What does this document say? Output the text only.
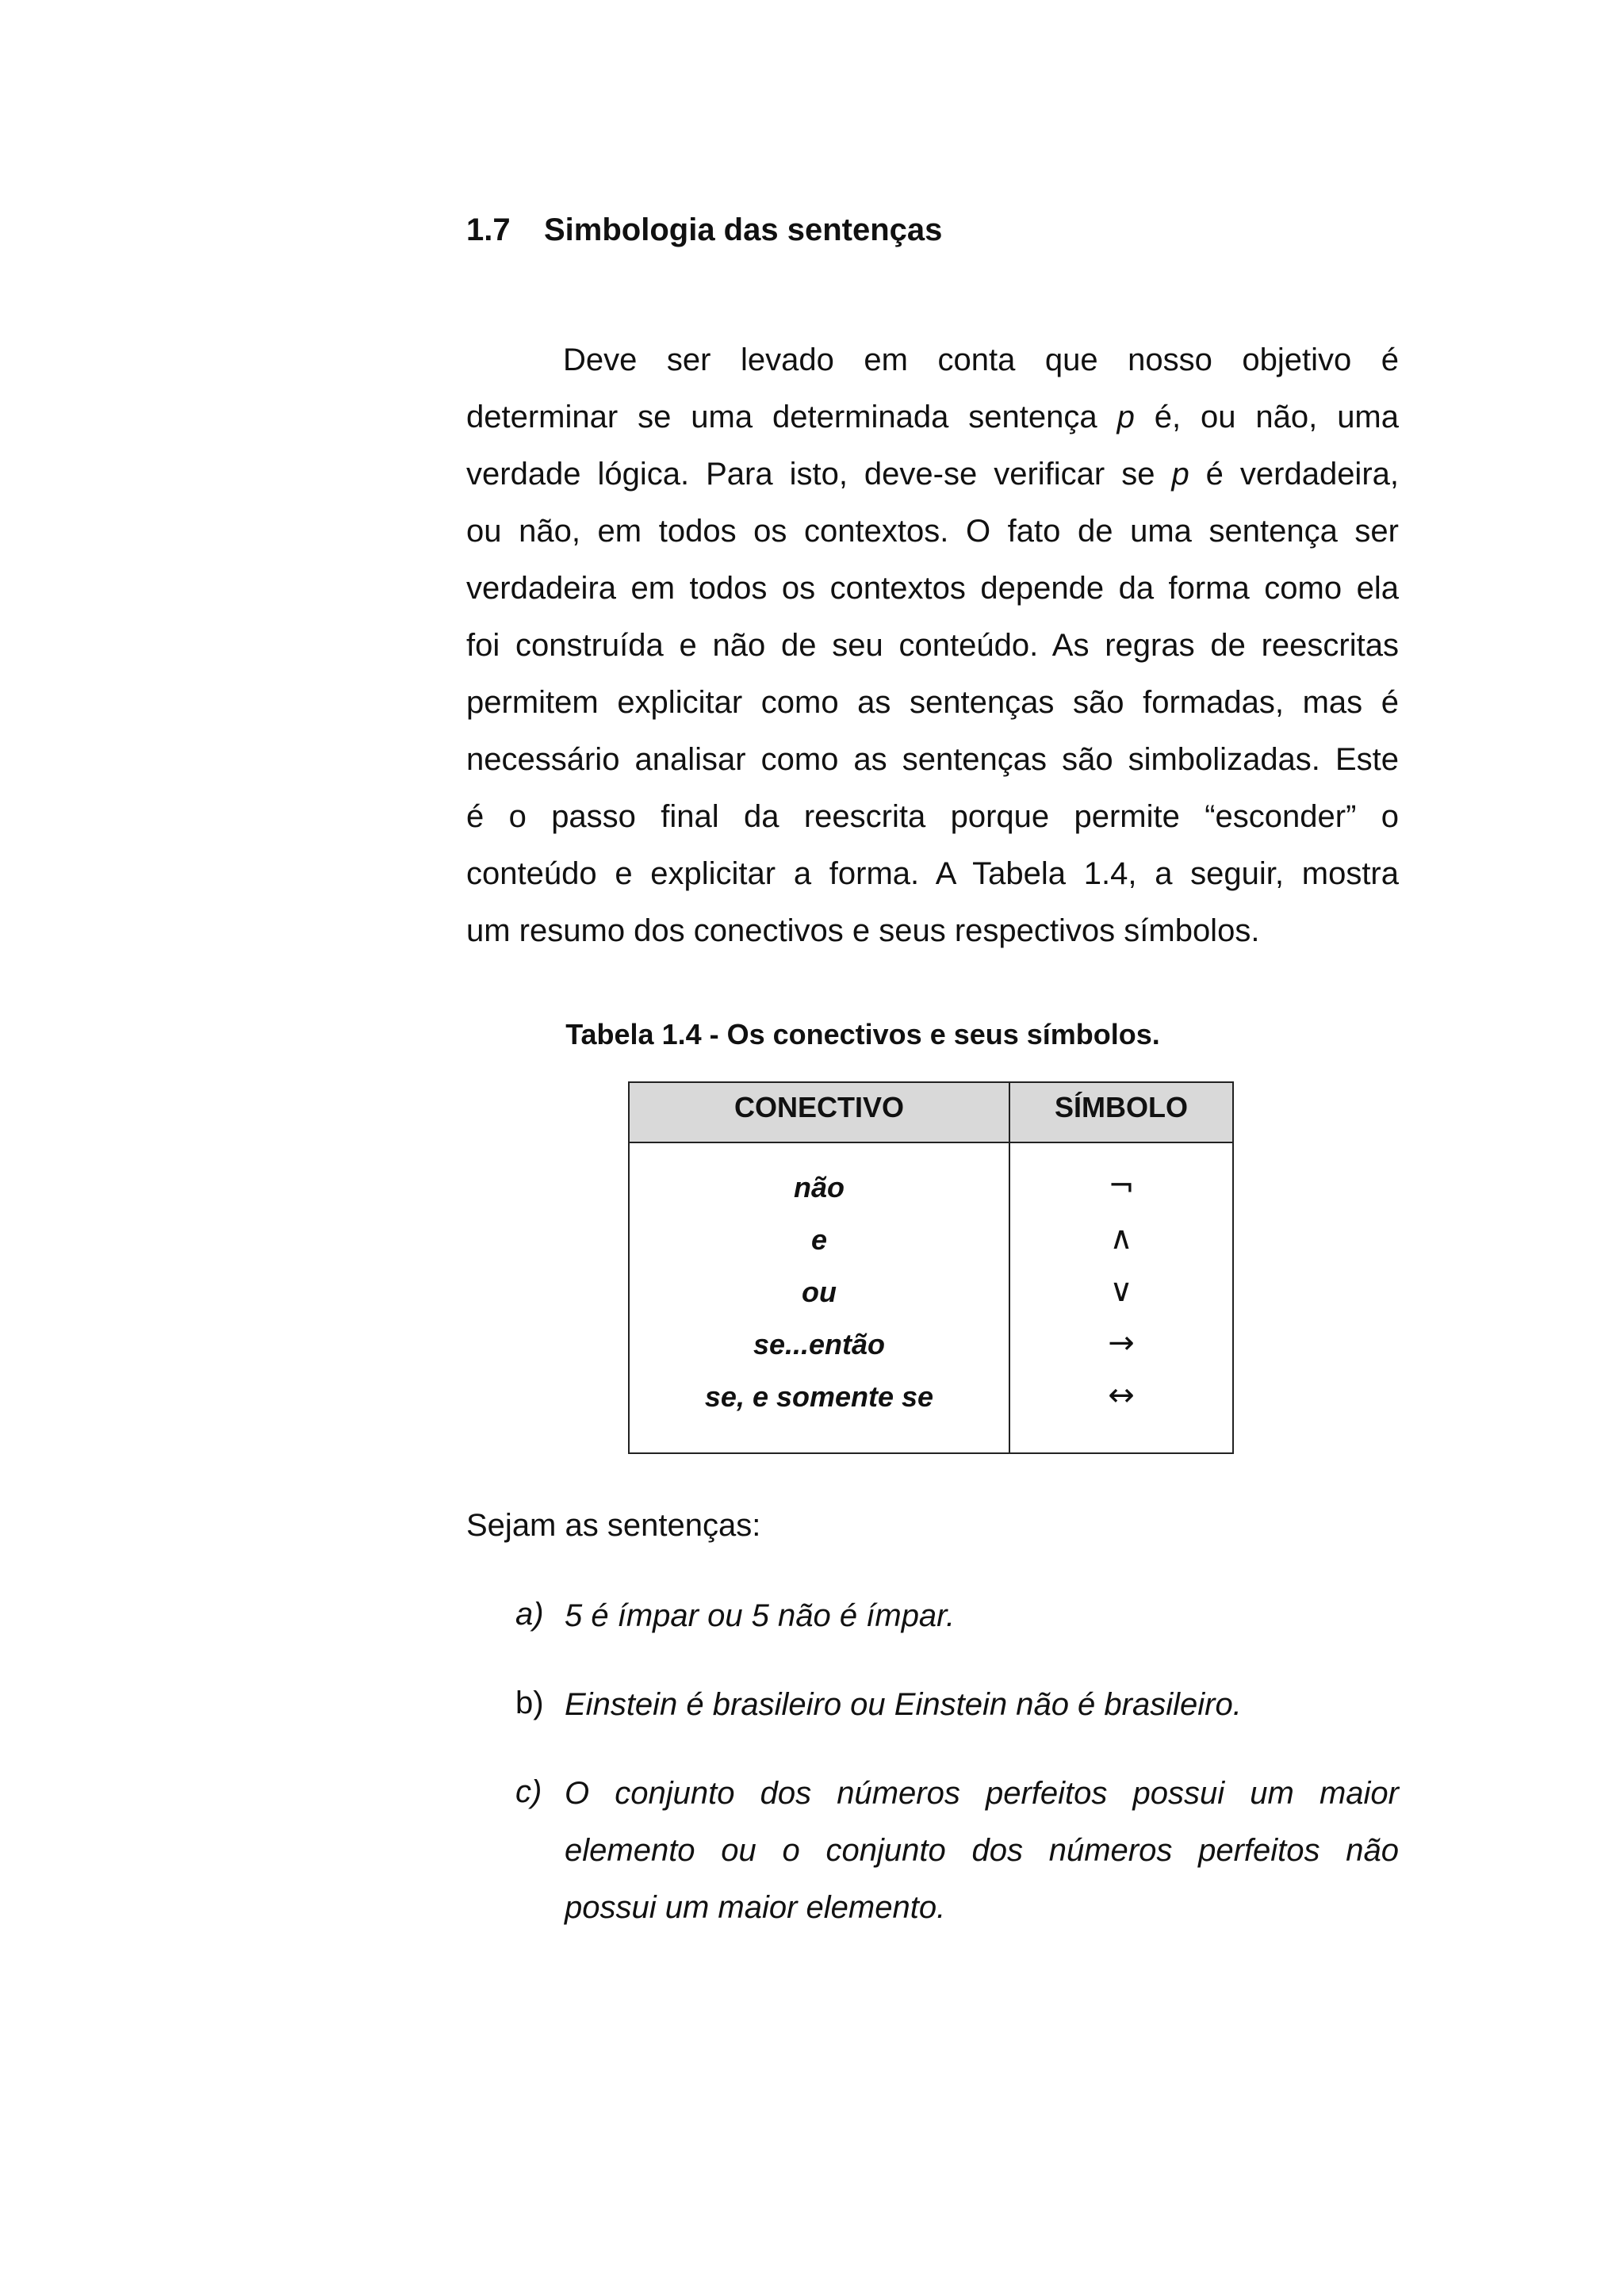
1.7 Simbologia das sentenças
Deve ser levado em conta que nosso objetivo é
determinar se uma determinada sentença p é, ou não, uma
verdade lógica. Para isto, deve-se verificar se p é verdadeira,
ou não, em todos os contextos. O fato de uma sentença ser
verdadeira em todos os contextos depende da forma como ela
foi construída e não de seu conteúdo. As regras de reescritas
permitem explicitar como as sentenças são formadas, mas é
necessário analisar como as sentenças são simbolizadas. Este
é o passo final da reescrita porque permite “esconder” o
conteúdo e explicitar a forma. A Tabela 1.4, a seguir, mostra
um resumo dos conectivos e seus respectivos símbolos.
Tabela 1.4 - Os conectivos e seus símbolos.
CONECTIVO	SÍMBOLO
não	¬
e	∧
ou	∨
se...então	→
se, e somente se	↔
Sejam as sentenças:
a) 5 é ímpar ou 5 não é ímpar.
b) Einstein é brasileiro ou Einstein não é brasileiro.
c) O conjunto dos números perfeitos possui um maior
elemento ou o conjunto dos números perfeitos não
possui um maior elemento.
